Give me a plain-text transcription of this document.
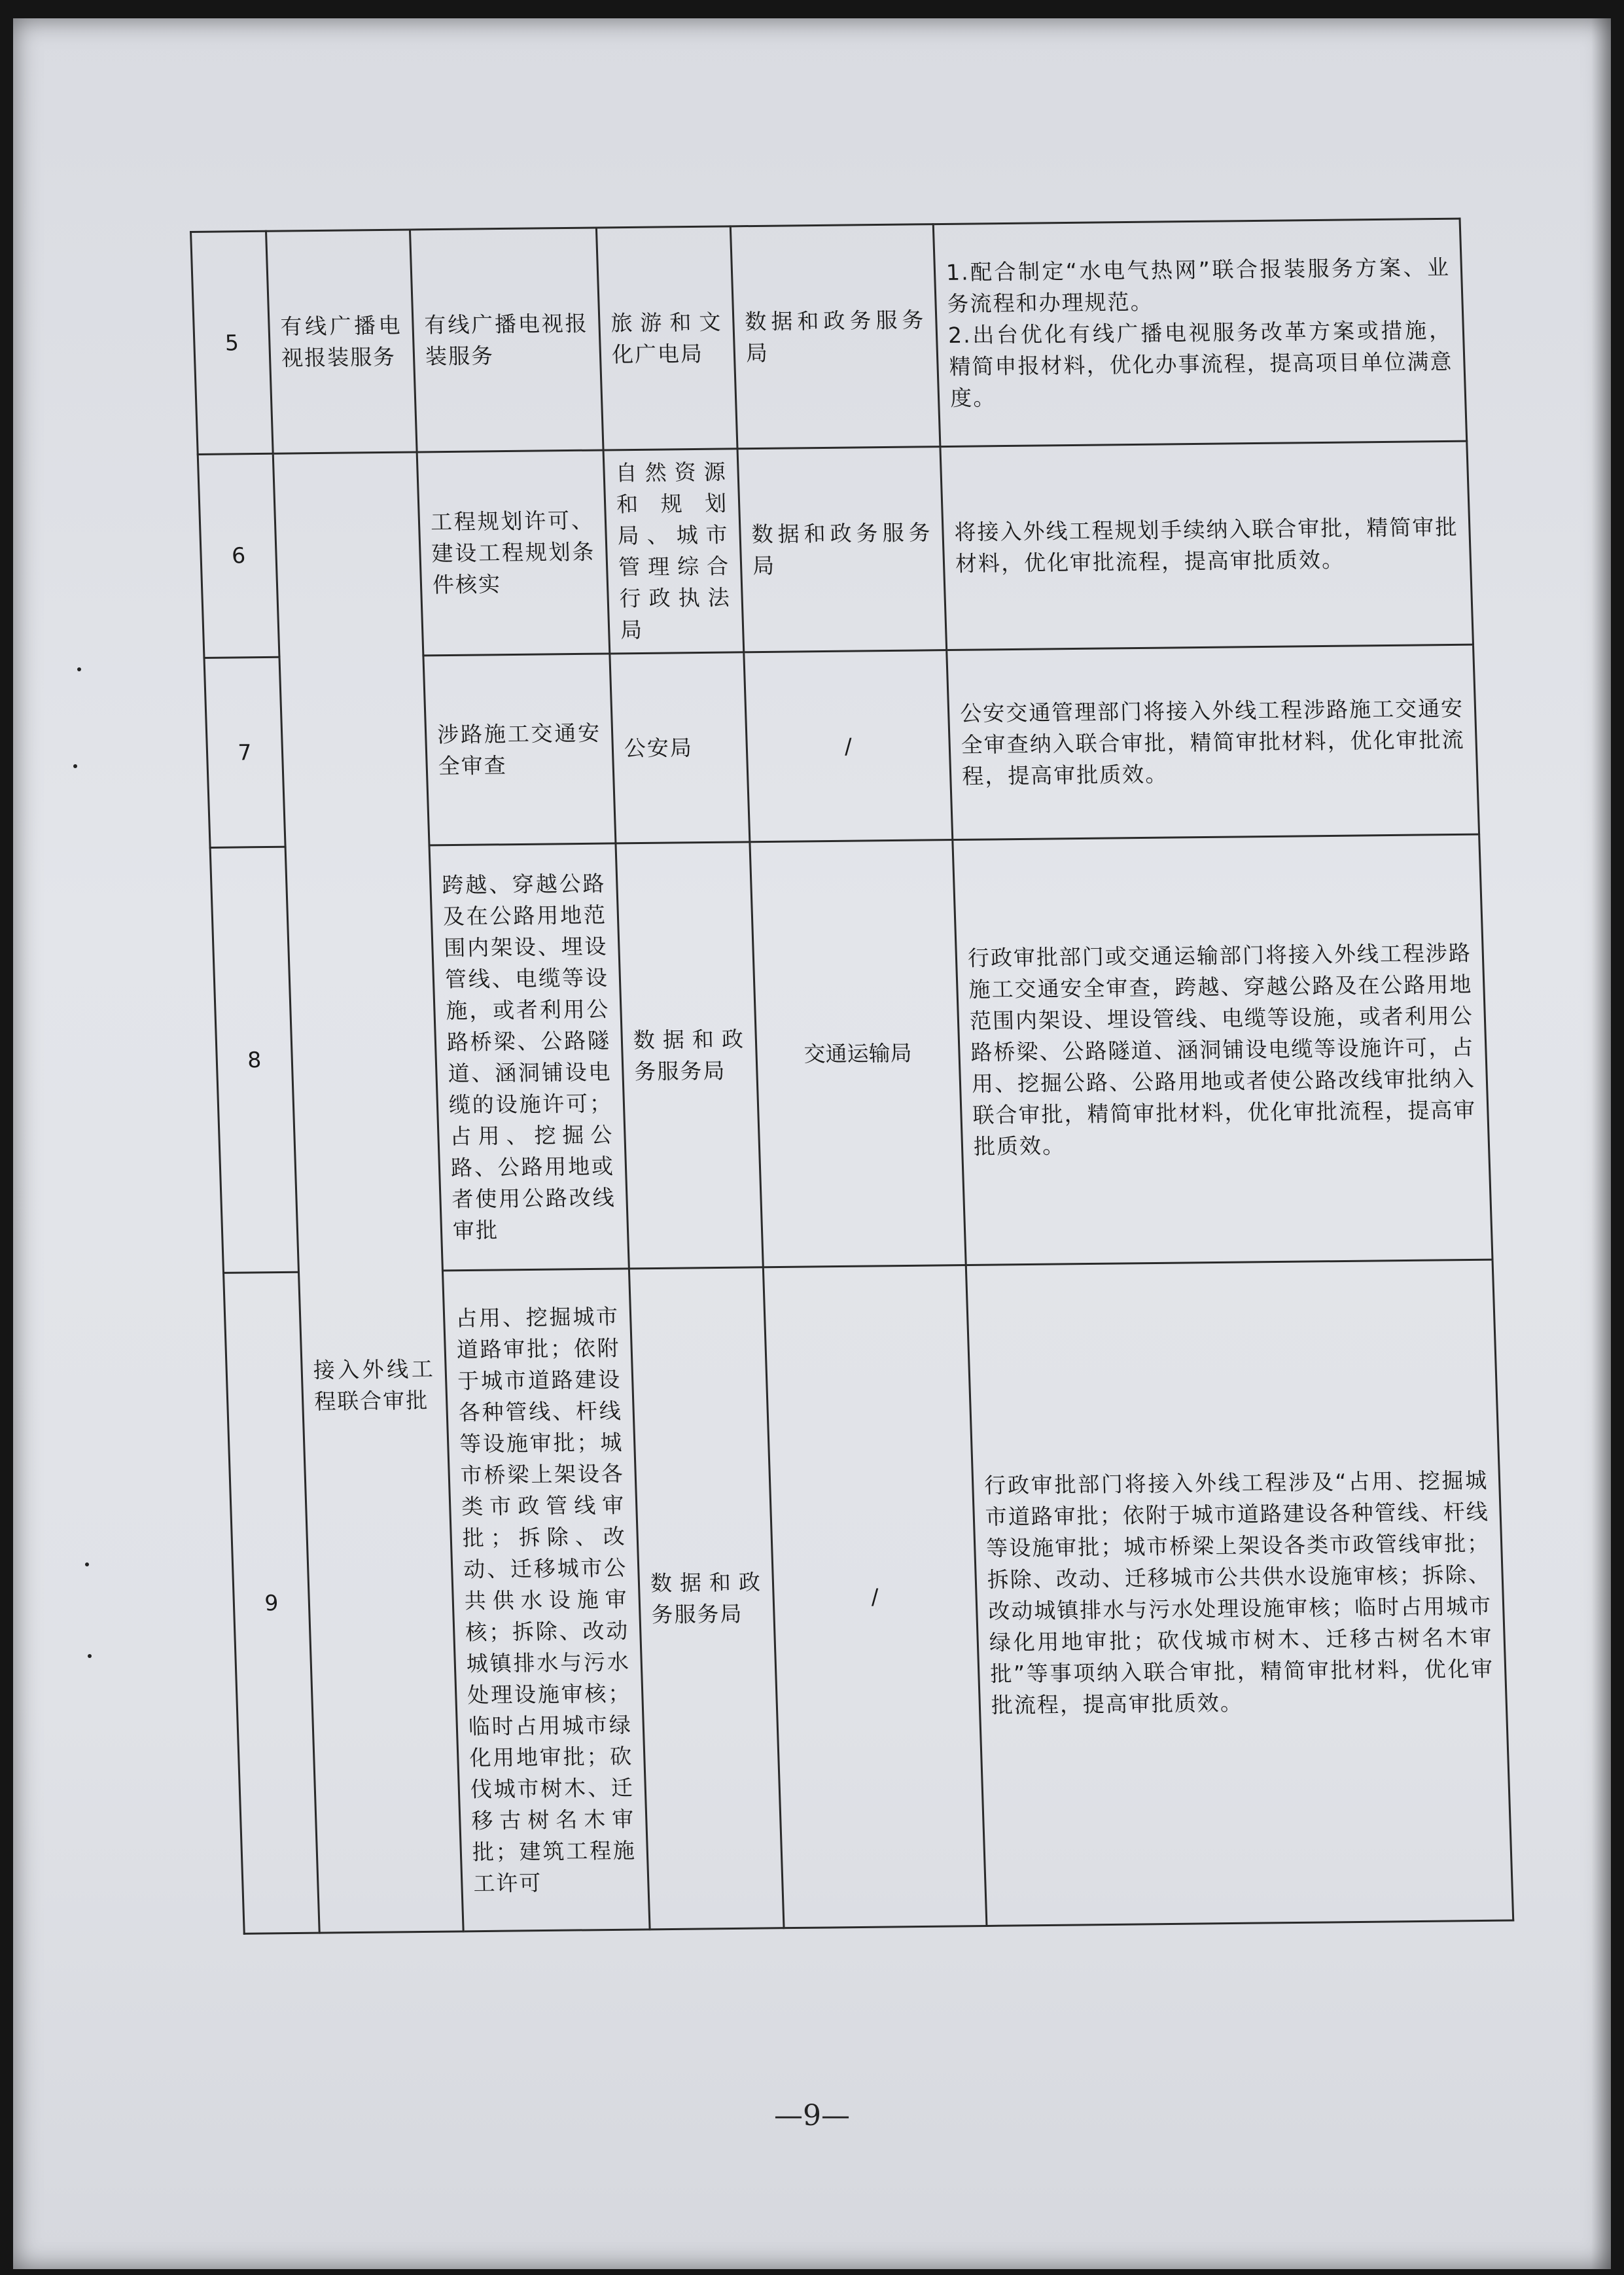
5	有线广播电视报装服务	有线广播电视报装服务	旅游和文化广电局	数据和政务服务局	1.配合制定“水电气热网”联合报装服务方案、业务流程和办理规范。
2.出台优化有线广播电视服务改革方案或措施，精简申报材料，优化办事流程，提高项目单位满意度。
6	接入外线工程联合审批	工程规划许可、建设工程规划条件核实	自然资源和规划局、城市管理综合行政执法局	数据和政务服务局	将接入外线工程规划手续纳入联合审批，精简审批材料，优化审批流程，提高审批质效。
7		涉路施工交通安全审查	公安局	/	公安交通管理部门将接入外线工程涉路施工交通安全审查纳入联合审批，精简审批材料，优化审批流程，提高审批质效。
8		跨越、穿越公路及在公路用地范围内架设、埋设管线、电缆等设施，或者利用公路桥梁、公路隧道、涵洞铺设电缆的设施许可；占用、挖掘公路、公路用地或者使用公路改线审批	数据和政务服务局	交通运输局	行政审批部门或交通运输部门将接入外线工程涉路施工交通安全审查，跨越、穿越公路及在公路用地范围内架设、埋设管线、电缆等设施，或者利用公路桥梁、公路隧道、涵洞铺设电缆等设施许可，占用、挖掘公路、公路用地或者使公路改线审批纳入联合审批，精简审批材料，优化审批流程，提高审批质效。
9		占用、挖掘城市道路审批；依附于城市道路建设各种管线、杆线等设施审批；城市桥梁上架设各类市政管线审批；拆除、改动、迁移城市公共供水设施审核；拆除、改动城镇排水与污水处理设施审核；临时占用城市绿化用地审批；砍伐城市树木、迁移古树名木审批；建筑工程施工许可	数据和政务服务局	/	行政审批部门将接入外线工程涉及“占用、挖掘城市道路审批；依附于城市道路建设各种管线、杆线等设施审批；城市桥梁上架设各类市政管线审批；拆除、改动、迁移城市公共供水设施审核；拆除、改动城镇排水与污水处理设施审核；临时占用城市绿化用地审批；砍伐城市树木、迁移古树名木审批”等事项纳入联合审批，精简审批材料，优化审批流程，提高审批质效。
—9—
